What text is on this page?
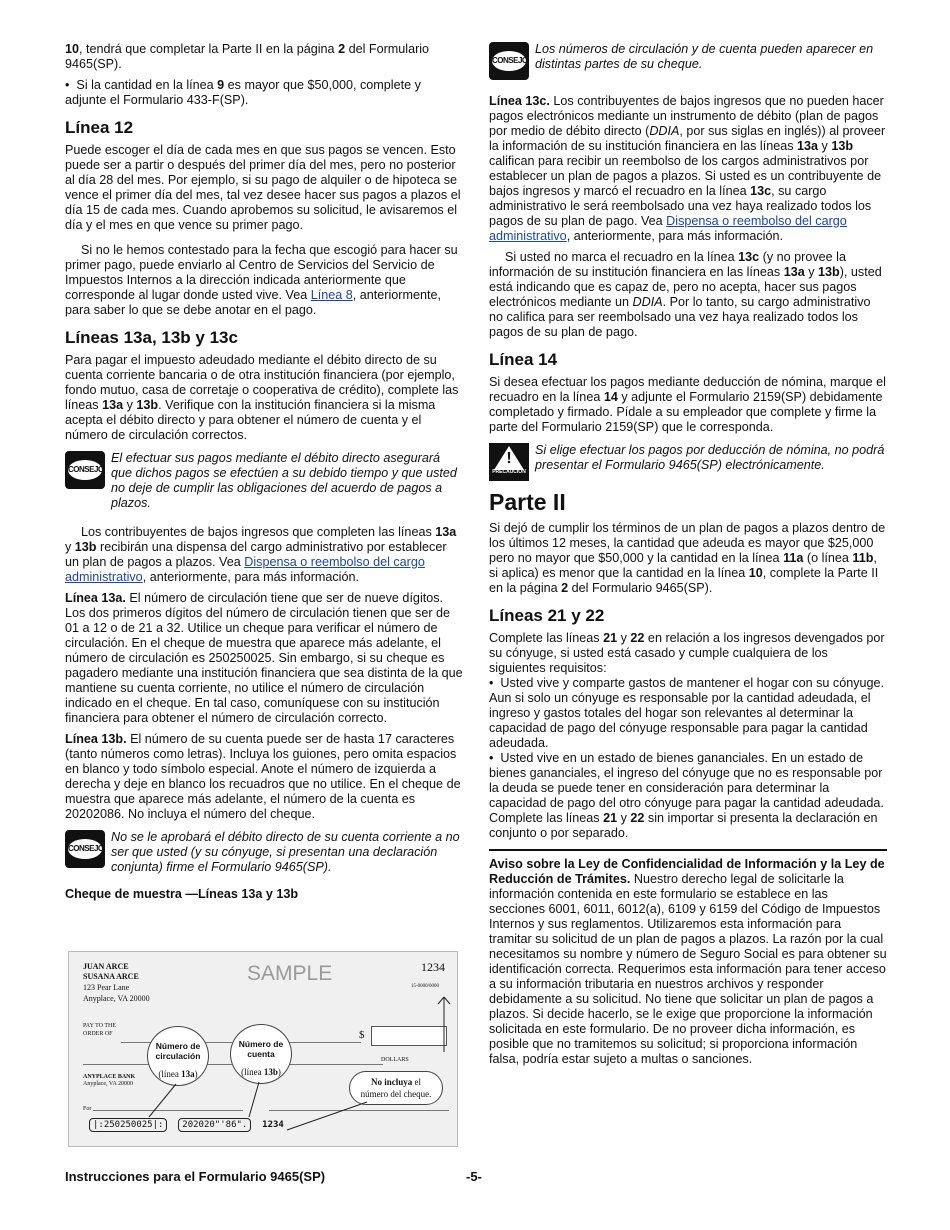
10, tendrá que completar la Parte II en la página 2 del Formulario 9465(SP).

•  Si la cantidad en la línea 9 es mayor que $50,000, complete y adjunte el Formulario 433-F(SP).

Línea 12

Puede escoger el día de cada mes en que sus pagos se vencen. Esto puede ser a partir o después del primer día del mes, pero no posterior al día 28 del mes. Por ejemplo, si su pago de alquiler o de hipoteca se vence el primer día del mes, tal vez desee hacer sus pagos a plazos el día 15 de cada mes. Cuando aprobemos su solicitud, le avisaremos el día y el mes en que vence su primer pago.

Si no le hemos contestado para la fecha que escogió para hacer su primer pago, puede enviarlo al Centro de Servicios del Servicio de Impuestos Internos a la dirección indicada anteriormente que corresponde al lugar donde usted vive. Vea Línea 8, anteriormente, para saber lo que se debe anotar en el pago.

Líneas 13a, 13b y 13c

Para pagar el impuesto adeudado mediante el débito directo de su cuenta corriente bancaria o de otra institución financiera (por ejemplo, fondo mutuo, casa de corretaje o cooperativa de crédito), complete las líneas 13a y 13b. Verifique con la institución financiera si la misma acepta el débito directo y para obtener el número de cuenta y el número de circulación correctos.

CONSEJO

El efectuar sus pagos mediante el débito directo asegurará que dichos pagos se efectúen a su debido tiempo y que usted no deje de cumplir las obligaciones del acuerdo de pagos a plazos.

Los contribuyentes de bajos ingresos que completen las líneas 13a y 13b recibirán una dispensa del cargo administrativo por establecer un plan de pagos a plazos. Vea Dispensa o reembolso del cargo administrativo, anteriormente, para más información.

Línea 13a. El número de circulación tiene que ser de nueve dígitos. Los dos primeros dígitos del número de circulación tienen que ser de 01 a 12 o de 21 a 32. Utilice un cheque para verificar el número de circulación. En el cheque de muestra que aparece más adelante, el número de circulación es 250250025. Sin embargo, si su cheque es pagadero mediante una institución financiera que sea distinta de la que mantiene su cuenta corriente, no utilice el número de circulación indicado en el cheque. En tal caso, comuníquese con su institución financiera para obtener el número de circulación correcto.

Línea 13b. El número de su cuenta puede ser de hasta 17 caracteres (tanto números como letras). Incluya los guiones, pero omita espacios en blanco y todo símbolo especial. Anote el número de izquierda a derecha y deje en blanco los recuadros que no utilice. En el cheque de muestra que aparece más adelante, el número de la cuenta es 20202086. No incluya el número del cheque.

CONSEJO

No se le aprobará el débito directo de su cuenta corriente a no ser que usted (y su cónyuge, si presentan una declaración conjunta) firme el Formulario 9465(SP).

Cheque de muestra —Líneas 13a y 13b
JUAN ARCE
SUSANA ARCE
123 Pear Lane
Anyplace, VA 20000
SAMPLE	1234
15-0000/0000
PAY TO THE
ORDER OF	$
DOLLARS
ANYPLACE BANK
Anyplace, VA 20000
For
Número de
circulación
(línea 13a)
Número de
cuenta
(línea 13b)
No incluya el
número del cheque.
|:250250025|: 202020"'86". 1234
CONSEJO

Los números de circulación y de cuenta pueden aparecer en distintas partes de su cheque.

Línea 13c. Los contribuyentes de bajos ingresos que no pueden hacer pagos electrónicos mediante un instrumento de débito (plan de pagos por medio de débito directo (DDIA, por sus siglas en inglés)) al proveer la información de su institución financiera en las líneas 13a y 13b califican para recibir un reembolso de los cargos administrativos por establecer un plan de pagos a plazos. Si usted es un contribuyente de bajos ingresos y marcó el recuadro en la línea 13c, su cargo administrativo le será reembolsado una vez haya realizado todos los pagos de su plan de pago. Vea Dispensa o reembolso del cargo administrativo, anteriormente, para más información.

Si usted no marca el recuadro en la línea 13c (y no provee la información de su institución financiera en las líneas 13a y 13b), usted está indicando que es capaz de, pero no acepta, hacer sus pagos electrónicos mediante un DDIA. Por lo tanto, su cargo administrativo no califica para ser reembolsado una vez haya realizado todos los pagos de su plan de pago.

Línea 14

Si desea efectuar los pagos mediante deducción de nómina, marque el recuadro en la línea 14 y adjunte el Formulario 2159(SP) debidamente completado y firmado. Pídale a su empleador que complete y firme la parte del Formulario 2159(SP) que le corresponda.

!
PRECAUCIÓN

Si elige efectuar los pagos por deducción de nómina, no podrá presentar el Formulario 9465(SP) electrónicamente.

Parte II

Si dejó de cumplir los términos de un plan de pagos a plazos dentro de los últimos 12 meses, la cantidad que adeuda es mayor que $25,000 pero no mayor que $50,000 y la cantidad en la línea 11a (o línea 11b, si aplica) es menor que la cantidad en la línea 10, complete la Parte II en la página 2 del Formulario 9465(SP).

Líneas 21 y 22

Complete las líneas 21 y 22 en relación a los ingresos devengados por su cónyuge, si usted está casado y cumple cualquiera de los siguientes requisitos:

•  Usted vive y comparte gastos de mantener el hogar con su cónyuge. Aun si solo un cónyuge es responsable por la cantidad adeudada, el ingreso y gastos totales del hogar son relevantes al determinar la capacidad de pago del cónyuge responsable para pagar la cantidad adeudada.

•  Usted vive en un estado de bienes gananciales. En un estado de bienes gananciales, el ingreso del cónyuge que no es responsable por la deuda se puede tener en consideración para determinar la capacidad de pago del otro cónyuge para pagar la cantidad adeudada.

Complete las líneas 21 y 22 sin importar si presenta la declaración en conjunto o por separado.

Aviso sobre la Ley de Confidencialidad de Información y la Ley de Reducción de Trámites. Nuestro derecho legal de solicitarle la información contenida en este formulario se establece en las secciones 6001, 6011, 6012(a), 6109 y 6159 del Código de Impuestos Internos y sus reglamentos. Utilizaremos esta información para tramitar su solicitud de un plan de pagos a plazos. La razón por la cual necesitamos su nombre y número de Seguro Social es para obtener su identificación correcta. Requerimos esta información para tener acceso a su información tributaria en nuestros archivos y responder debidamente a su solicitud. No tiene que solicitar un plan de pagos a plazos. Si decide hacerlo, se le exige que proporcione la información solicitada en este formulario. De no proveer dicha información, es posible que no tramitemos su solicitud; si proporciona información falsa, podría estar sujeto a multas o sanciones.

Instrucciones para el Formulario 9465(SP)	-5-
